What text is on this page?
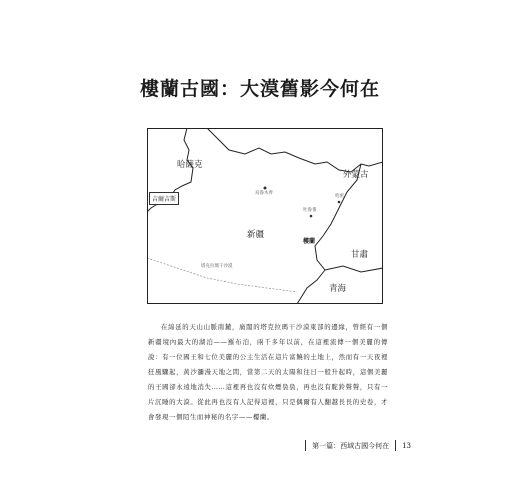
樓蘭古國：大漠舊影今何在
哈薩克
吉爾吉斯
外蒙古
新疆
甘肅
青海
烏魯木齊
吐魯番
哈密
樓蘭
塔克拉瑪干沙漠
在綿延的天山山脈南麓，廣闊的塔克拉瑪干沙漠東部的邊緣，曾經有一個新疆境內最大的湖泊——羅布泊，兩千多年以前，在這裡流傳一個美麗的傳說：有一位國王和七位美麗的公主生活在這片富饒的土地上，然而有一天夜裡狂風驟起，黃沙瀰漫天地之間，當第二天的太陽和往日一般升起時，這個美麗的王國卻永遠地消失……這裡再也沒有炊煙裊裊，再也沒有駝鈴聲聲，只有一片沉睡的大漠。從此再也沒有人記得這裡，只是偶爾有人翻越長長的史卷，才會發現一個陌生而神秘的名字——樓蘭。
第一篇：西域古國今何在 13
